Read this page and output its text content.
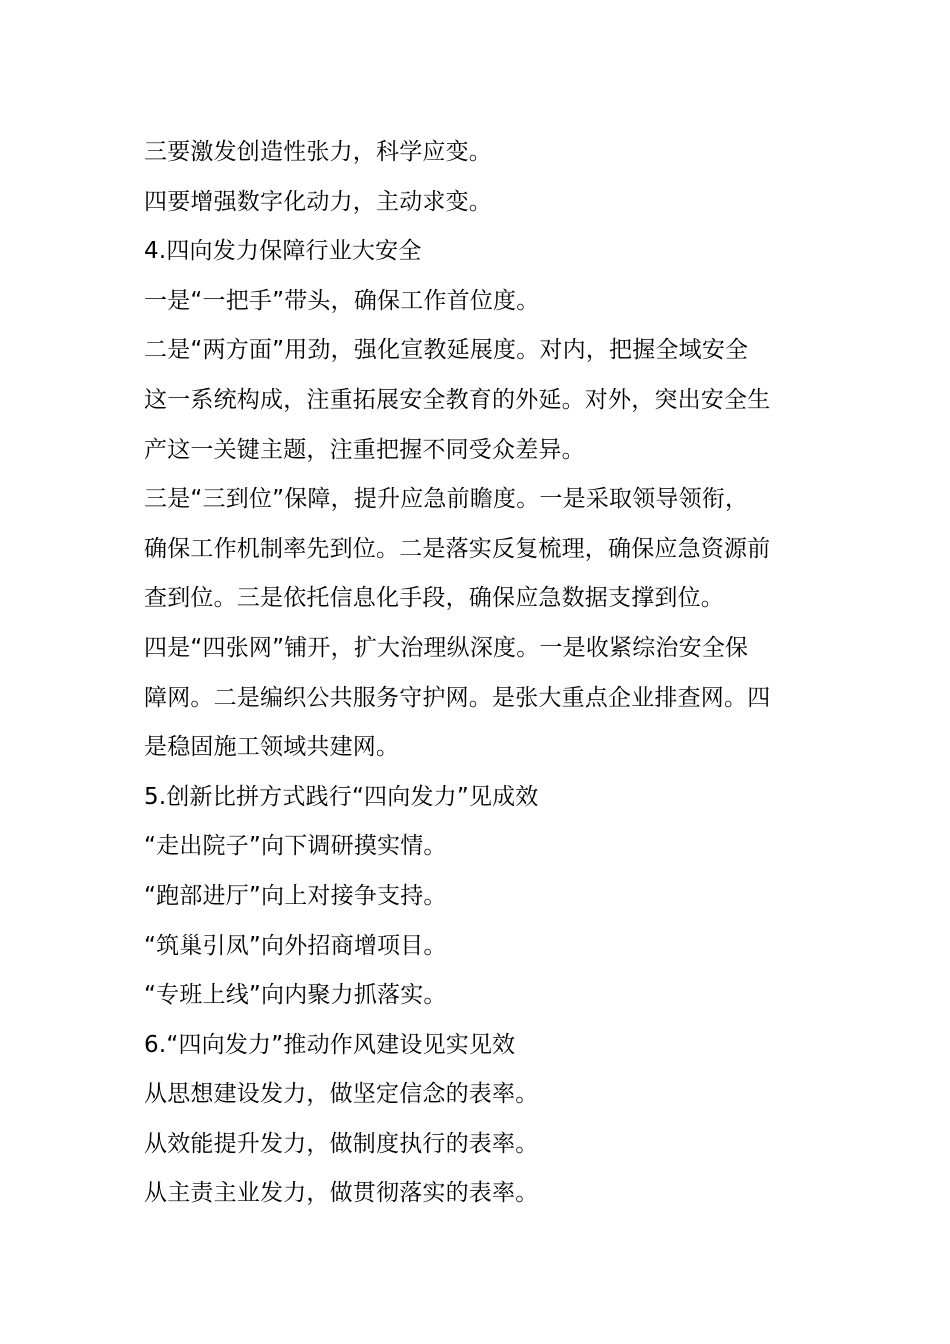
三要激发创造性张力，科学应变。
四要增强数字化动力，主动求变。
4.四向发力保障行业大安全
一是“一把手”带头，确保工作首位度。
二是“两方面”用劲，强化宣教延展度。对内，把握全域安全
这一系统构成，注重拓展安全教育的外延。对外，突出安全生
产这一关键主题，注重把握不同受众差异。
三是“三到位”保障，提升应急前瞻度。一是采取领导领衔，
确保工作机制率先到位。二是落实反复梳理，确保应急资源前
查到位。三是依托信息化手段，确保应急数据支撑到位。
四是“四张网”铺开，扩大治理纵深度。一是收紧综治安全保
障网。二是编织公共服务守护网。是张大重点企业排查网。四
是稳固施工领域共建网。
5.创新比拼方式践行“四向发力”见成效
“走出院子”向下调研摸实情。
“跑部进厅”向上对接争支持。
“筑巢引凤”向外招商增项目。
“专班上线”向内聚力抓落实。
6.“四向发力”推动作风建设见实见效
从思想建设发力，做坚定信念的表率。
从效能提升发力，做制度执行的表率。
从主责主业发力，做贯彻落实的表率。
